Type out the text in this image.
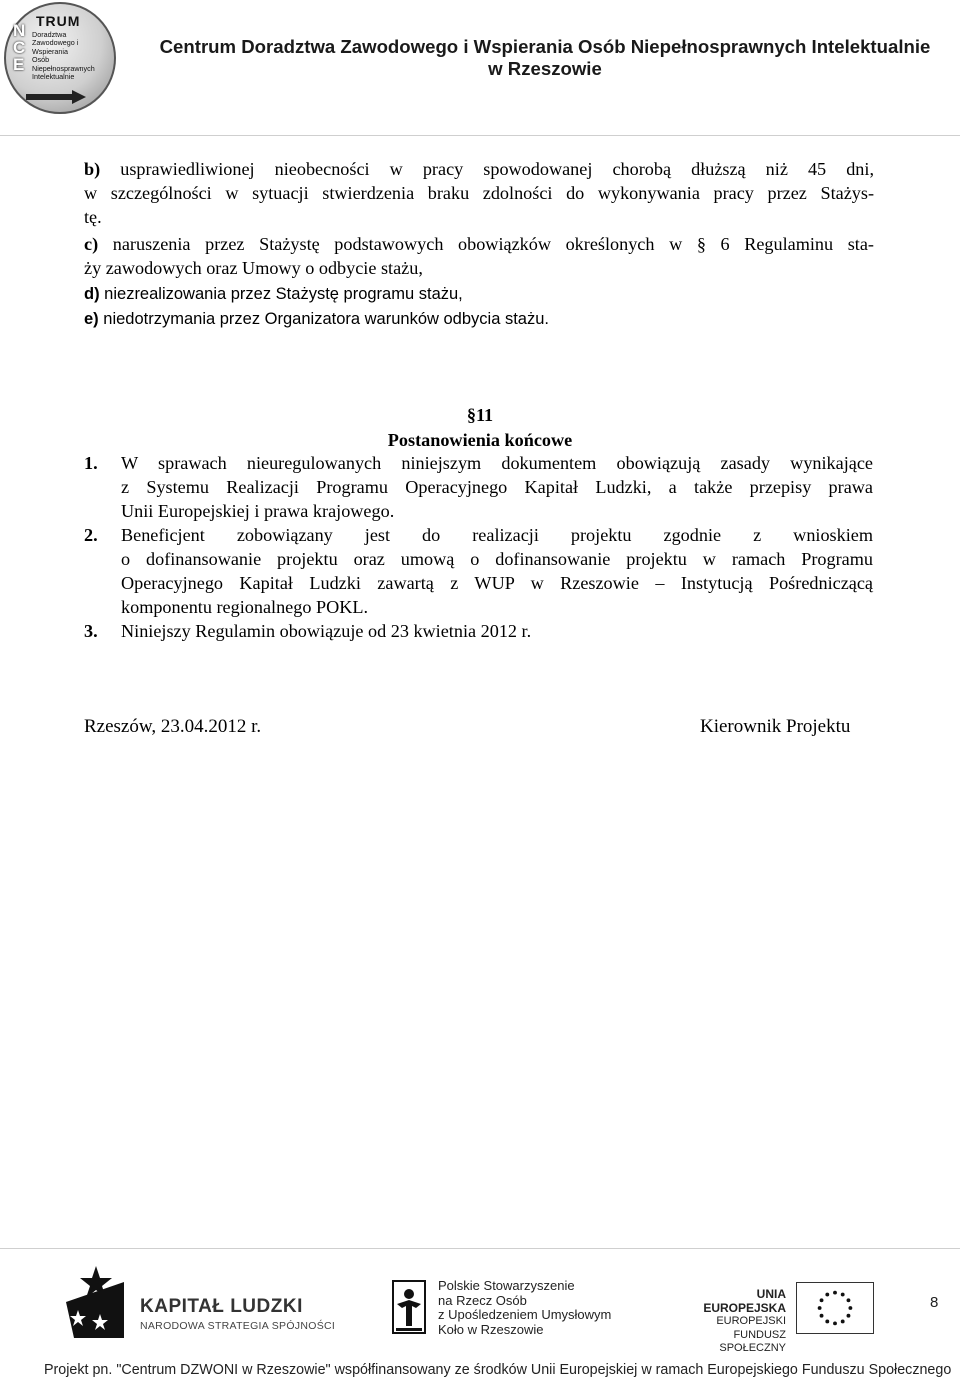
TRUM
N
C
E
Doradztwa
Zawodowego i
Wspierania
Osób
Niepełnosprawnych
Intelektualnie
Centrum Doradztwa Zawodowego i Wspierania Osób Niepełnosprawnych Intelektualnie
w Rzeszowie
b) usprawiedliwionej nieobecności w pracy spowodowanej chorobą dłuższą niż 45 dni,
w szczególności w sytuacji stwierdzenia braku zdolności do wykonywania pracy przez Stażys-
tę.
c) naruszenia przez Stażystę podstawowych obowiązków określonych w § 6 Regulaminu sta-
ży zawodowych oraz Umowy o odbycie stażu,
d) niezrealizowania przez Stażystę programu stażu,
e) niedotrzymania przez Organizatora warunków odbycia stażu.
§11
Postanowienia końcowe
1.	W sprawach nieuregulowanych niniejszym dokumentem obowiązują zasady wynikające
z Systemu Realizacji Programu Operacyjnego Kapitał Ludzki, a także przepisy prawa
Unii Europejskiej i prawa krajowego.
2.	Beneficjent zobowiązany jest do realizacji projektu zgodnie z wnioskiem
o dofinansowanie projektu oraz umową o dofinansowanie projektu w ramach Programu
Operacyjnego Kapitał Ludzki zawartą z WUP w Rzeszowie – Instytucją Pośredniczącą
komponentu regionalnego POKL.
3.	Niniejszy Regulamin obowiązuje od 23 kwietnia 2012 r.
Rzeszów, 23.04.2012 r.	Kierownik Projektu
KAPITAŁ LUDZKI
NARODOWA STRATEGIA SPÓJNOŚCI
Polskie Stowarzyszenie
na Rzecz Osób
z Upośledzeniem Umysłowym
Koło w Rzeszowie
UNIA EUROPEJSKA
EUROPEJSKI
FUNDUSZ SPOŁECZNY
8
Projekt pn. "Centrum DZWONI w Rzeszowie" współfinansowany ze środków Unii Europejskiej w ramach Europejskiego Funduszu Społecznego
